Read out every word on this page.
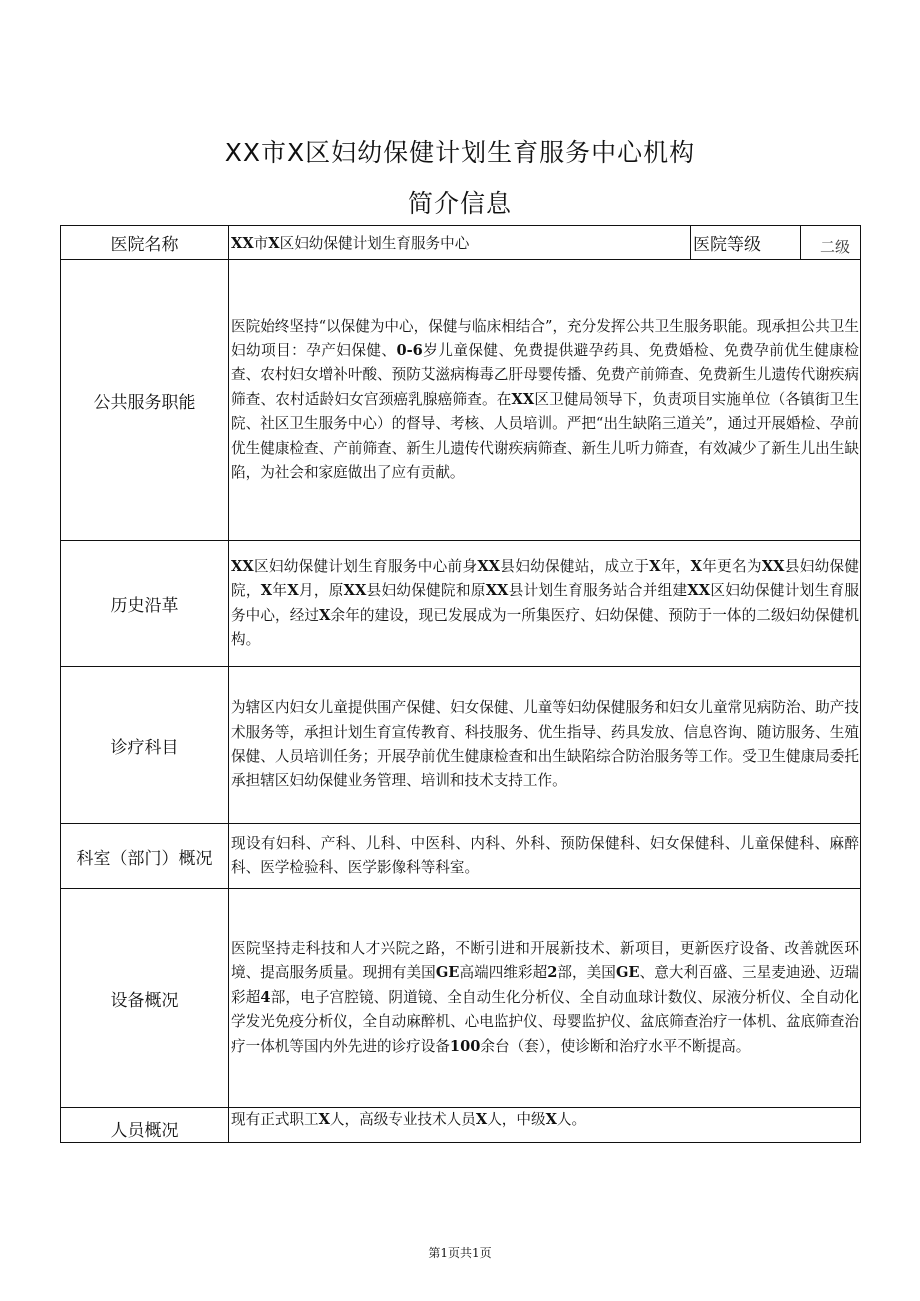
XX市X区妇幼保健计划生育服务中心机构
简介信息
医院名称	XX市X区妇幼保健计划生育服务中心	医院等级	二级
公共服务职能	医院始终坚持“以保健为中心，保健与临床相结合”，充分发挥公共卫生服务职能。现承担公共卫生妇幼项目：孕产妇保健、0-6岁儿童保健、免费提供避孕药具、免费婚检、免费孕前优生健康检查、农村妇女增补叶酸、预防艾滋病梅毒乙肝母婴传播、免费产前筛查、免费新生儿遗传代谢疾病筛查、农村适龄妇女宫颈癌乳腺癌筛查。在XX区卫健局领导下，负责项目实施单位（各镇街卫生院、社区卫生服务中心）的督导、考核、人员培训。严把“出生缺陷三道关”，通过开展婚检、孕前优生健康检查、产前筛查、新生儿遗传代谢疾病筛查、新生儿听力筛查，有效减少了新生儿出生缺陷，为社会和家庭做出了应有贡献。		
历史沿革	XX区妇幼保健计划生育服务中心前身XX县妇幼保健站，成立于X年，X年更名为XX县妇幼保健院，X年X月，原XX县妇幼保健院和原XX县计划生育服务站合并组建XX区妇幼保健计划生育服务中心，经过X余年的建设，现已发展成为一所集医疗、妇幼保健、预防于一体的二级妇幼保健机构。		
诊疗科目	为辖区内妇女儿童提供围产保健、妇女保健、儿童等妇幼保健服务和妇女儿童常见病防治、助产技术服务等，承担计划生育宣传教育、科技服务、优生指导、药具发放、信息咨询、随访服务、生殖保健、人员培训任务；开展孕前优生健康检查和出生缺陷综合防治服务等工作。受卫生健康局委托承担辖区妇幼保健业务管理、培训和技术支持工作。		
科室（部门）概况	现设有妇科、产科、儿科、中医科、内科、外科、预防保健科、妇女保健科、儿童保健科、麻醉科、医学检验科、医学影像科等科室。		
设备概况	医院坚持走科技和人才兴院之路，不断引进和开展新技术、新项目，更新医疗设备、改善就医环境、提高服务质量。现拥有美国GE高端四维彩超2部，美国GE、意大利百盛、三星麦迪逊、迈瑞彩超4部，电子宫腔镜、阴道镜、全自动生化分析仪、全自动血球计数仪、尿液分析仪、全自动化学发光免疫分析仪，全自动麻醉机、心电监护仪、母婴监护仪、盆底筛查治疗一体机、盆底筛查治疗一体机等国内外先进的诊疗设备100余台（套），使诊断和治疗水平不断提高。		
人员概况	现有正式职工X人，高级专业技术人员X人，中级X人。		
第1页共1页
